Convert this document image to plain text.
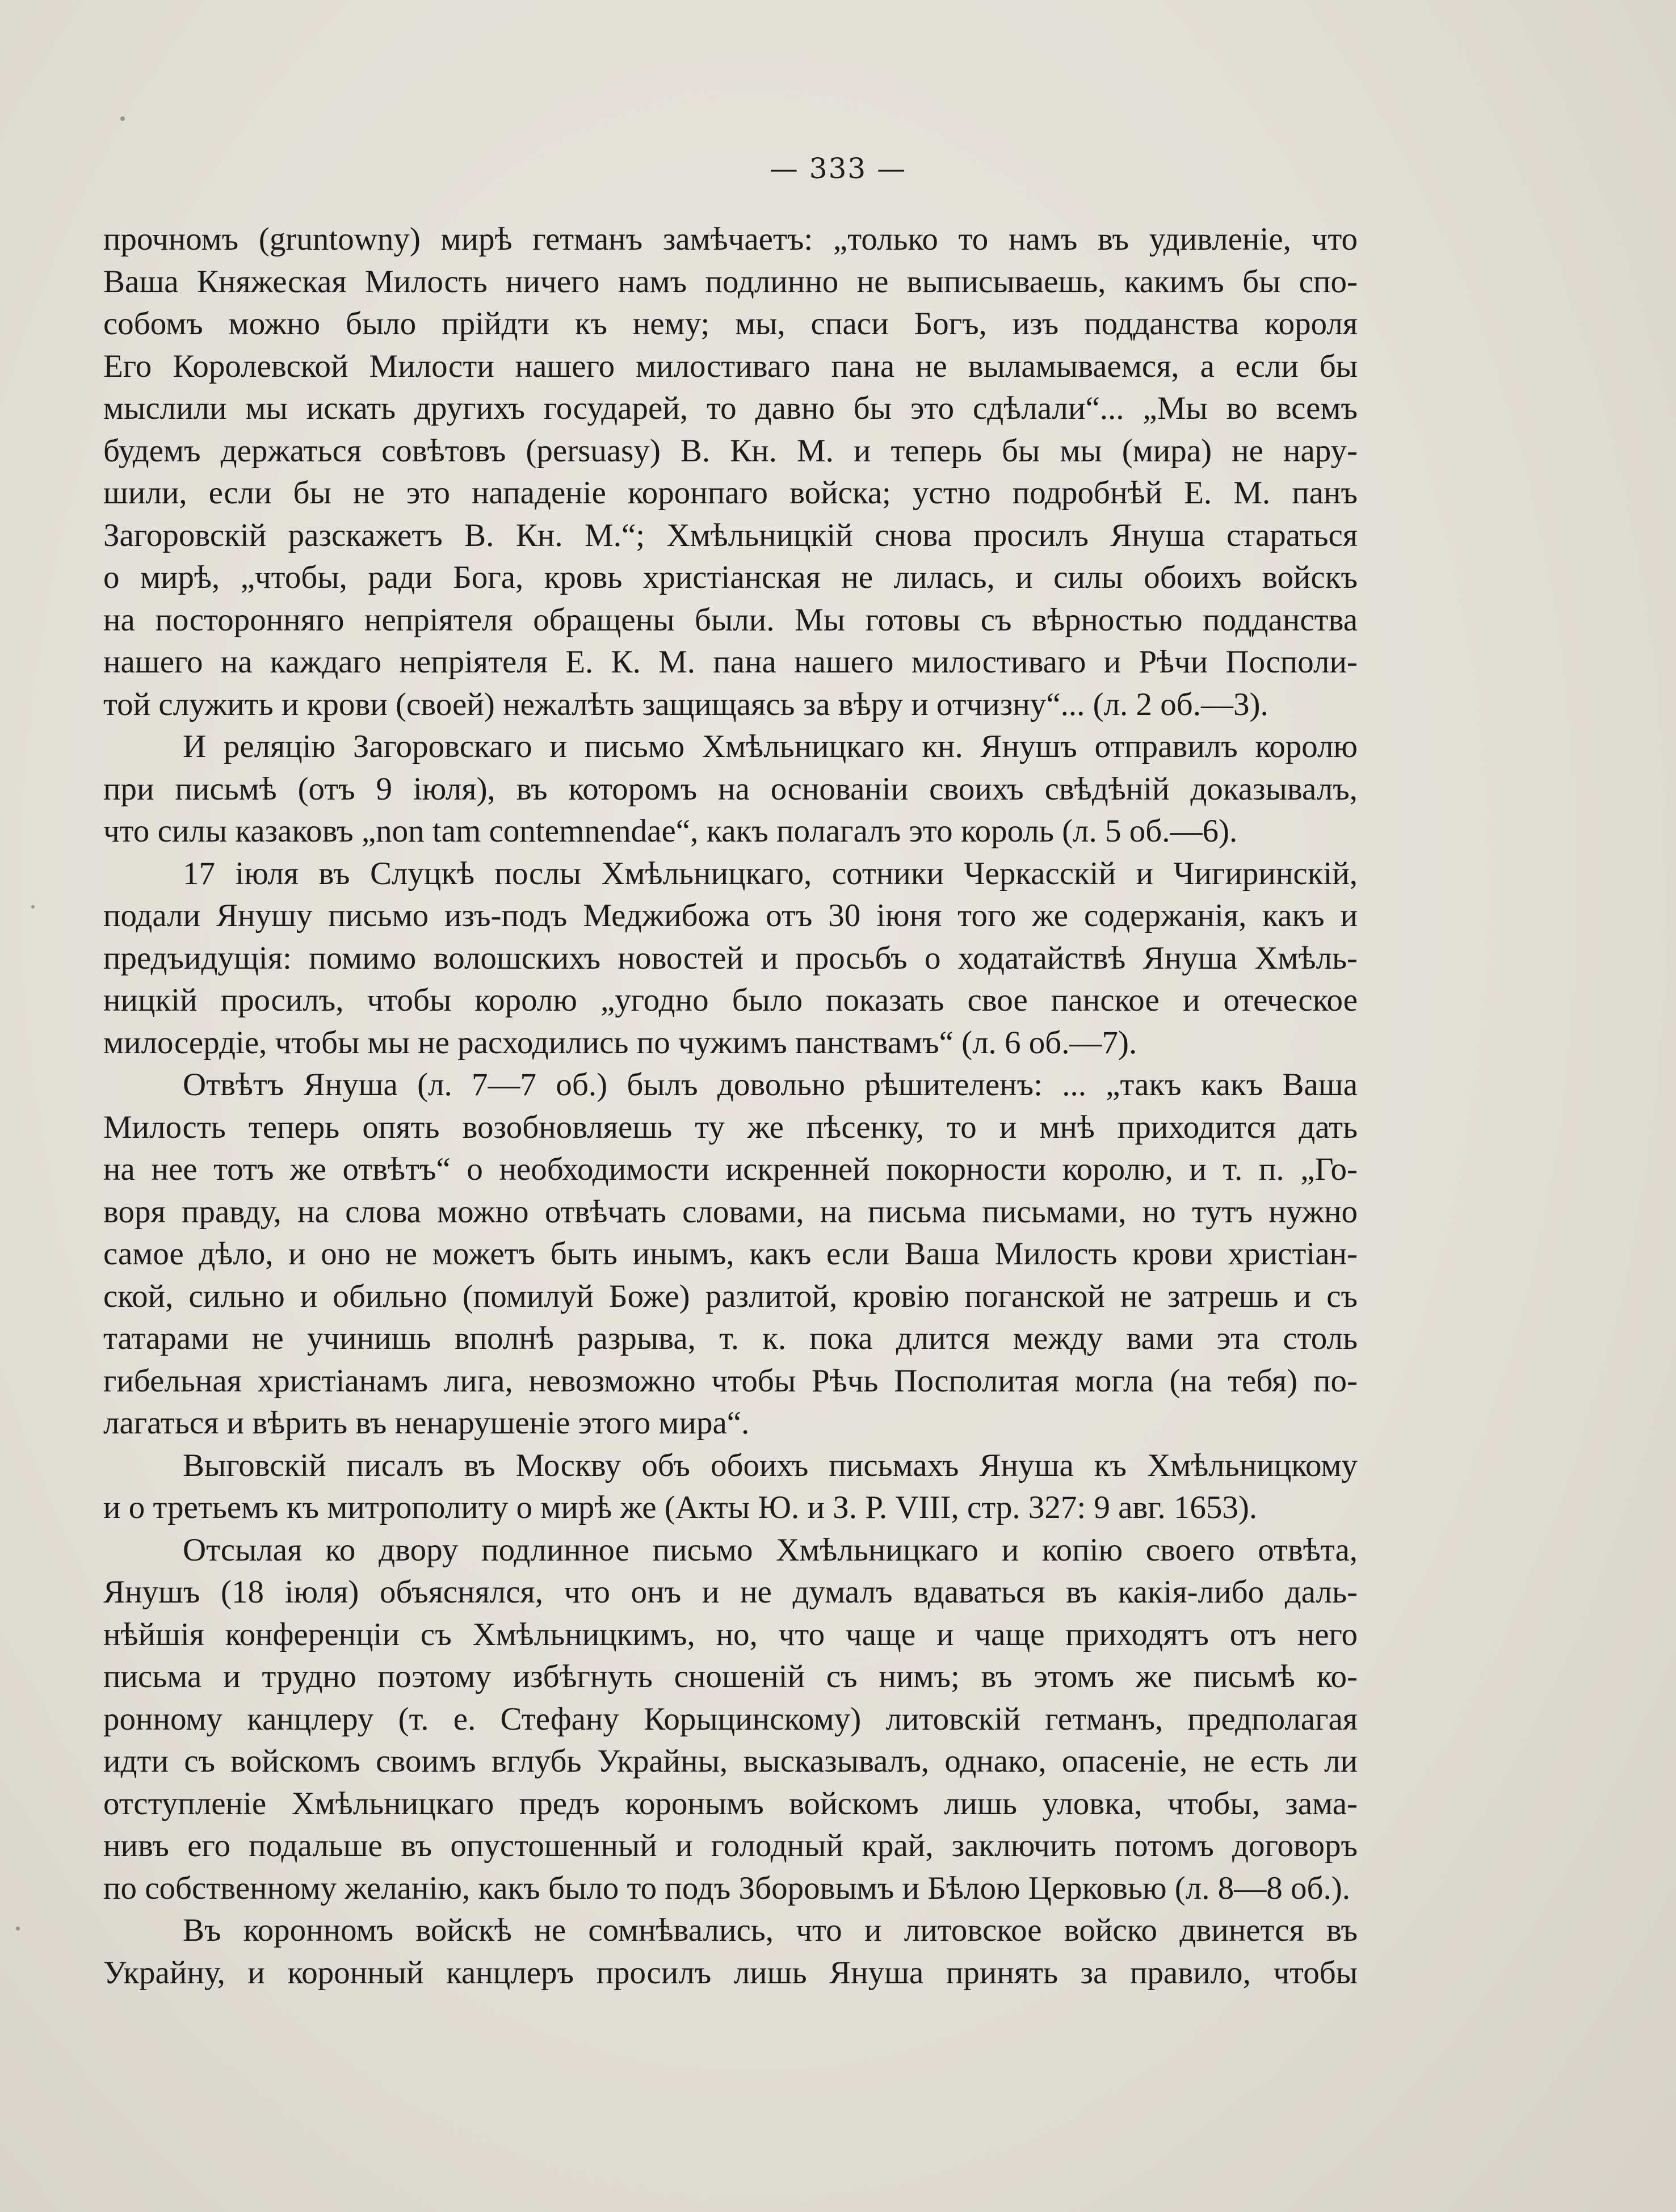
— 333 —
прочномъ (gruntowny) мирѣ гетманъ замѣчаетъ: „только то намъ въ удивленіе, что
Ваша Княжеская Милость ничего намъ подлинно не выписываешь, какимъ бы спо-
собомъ можно было прійдти къ нему; мы, спаси Богъ, изъ подданства короля
Его Королевской Милости нашего милостиваго пана не выламываемся, а если бы
мыслили мы искать другихъ государей, то давно бы это сдѣлали“... „Мы во всемъ
будемъ держаться совѣтовъ (persuasy) В. Кн. М. и теперь бы мы (мира) не нару-
шили, если бы не это нападеніе коронпаго войска; устно подробнѣй Е. М. панъ
Загоровскій разскажетъ В. Кн. М.“; Хмѣльницкій снова просилъ Януша стараться
о мирѣ, „чтобы, ради Бога, кровь христіанская не лилась, и силы обоихъ войскъ
на посторонняго непріятеля обращены были. Мы готовы съ вѣрностью подданства
нашего на каждаго непріятеля Е. К. М. пана нашего милостиваго и Рѣчи Посполи-
той служить и крови (своей) нежалѣть защищаясь за вѣру и отчизну“... (л. 2 об.—3).
И реляцію Загоровскаго и письмо Хмѣльницкаго кн. Янушъ отправилъ королю
при письмѣ (отъ 9 іюля), въ которомъ на основаніи своихъ свѣдѣній доказывалъ,
что силы казаковъ „non tam contemnendae“, какъ полагалъ это король (л. 5 об.—6).
17 іюля въ Слуцкѣ послы Хмѣльницкаго, сотники Черкасскій и Чигиринскій,
подали Янушу письмо изъ-подъ Меджибожа отъ 30 іюня того же содержанія, какъ и
предъидущія: помимо волошскихъ новостей и просьбъ о ходатайствѣ Януша Хмѣль-
ницкій просилъ, чтобы королю „угодно было показать свое панское и отеческое
милосердіе, чтобы мы не расходились по чужимъ панствамъ“ (л. 6 об.—7).
Отвѣтъ Януша (л. 7—7 об.) былъ довольно рѣшителенъ: ... „такъ какъ Ваша
Милость теперь опять возобновляешь ту же пѣсенку, то и мнѣ приходится дать
на нее тотъ же отвѣтъ“ о необходимости искренней покорности королю, и т. п. „Го-
воря правду, на слова можно отвѣчать словами, на письма письмами, но тутъ нужно
самое дѣло, и оно не можетъ быть инымъ, какъ если Ваша Милость крови христіан-
ской, сильно и обильно (помилуй Боже) разлитой, кровію поганской не затрешь и съ
татарами не учинишь вполнѣ разрыва, т. к. пока длится между вами эта столь
гибельная христіанамъ лига, невозможно чтобы Рѣчь Посполитая могла (на тебя) по-
лагаться и вѣрить въ ненарушеніе этого мира“.
Выговскій писалъ въ Москву объ обоихъ письмахъ Януша къ Хмѣльницкому
и о третьемъ къ митрополиту о мирѣ же (Акты Ю. и З. Р. VIII, стр. 327: 9 авг. 1653).
Отсылая ко двору подлинное письмо Хмѣльницкаго и копію своего отвѣта,
Янушъ (18 іюля) объяснялся, что онъ и не думалъ вдаваться въ какія-либо даль-
нѣйшія конференціи съ Хмѣльницкимъ, но, что чаще и чаще приходятъ отъ него
письма и трудно поэтому избѣгнуть сношеній съ нимъ; въ этомъ же письмѣ ко-
ронному канцлеру (т. е. Стефану Корыцинскому) литовскій гетманъ, предполагая
идти съ войскомъ своимъ вглубь Украйны, высказывалъ, однако, опасеніе, не есть ли
отступленіе Хмѣльницкаго предъ коронымъ войскомъ лишь уловка, чтобы, зама-
нивъ его подальше въ опустошенный и голодный край, заключить потомъ договоръ
по собственному желанію, какъ было то подъ Зборовымъ и Бѣлою Церковью (л. 8—8 об.).
Въ коронномъ войскѣ не сомнѣвались, что и литовское войско двинется въ
Украйну, и коронный канцлеръ просилъ лишь Януша принять за правило, чтобы
